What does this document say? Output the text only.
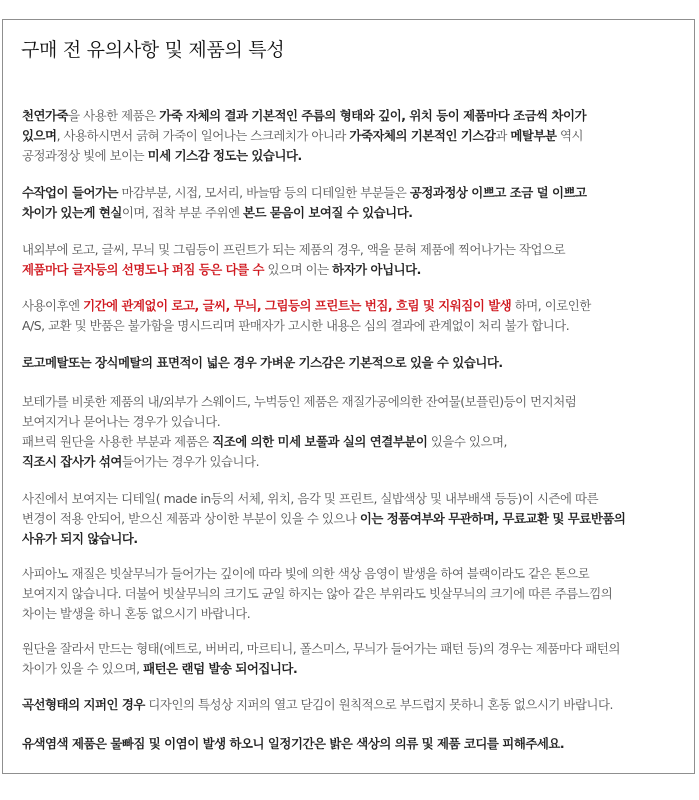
구매 전 유의사항 및 제품의 특성
천연가죽을 사용한 제품은 가죽 자체의 결과 기본적인 주름의 형태와 깊이, 위치 등이 제품마다 조금씩 차이가
있으며, 사용하시면서 긁혀 가죽이 일어나는 스크레치가 아니라 가죽자체의 기본적인 기스감과 메탈부분 역시
공정과정상 빛에 보이는 미세 기스감 정도는 있습니다.
수작업이 들어가는 마감부분, 시접, 모서리, 바늘땀 등의 디테일한 부분들은 공정과정상 이쁘고 조금 덜 이쁘고
차이가 있는게 현실이며, 접착 부분 주위엔 본드 묻음이 보여질 수 있습니다.
내외부에 로고, 글씨, 무늬 및 그림등이 프린트가 되는 제품의 경우, 액을 묻혀 제품에 찍어나가는 작업으로
제품마다 글자등의 선명도나 퍼짐 등은 다를 수 있으며 이는 하자가 아닙니다.
사용이후엔 기간에 관계없이 로고, 글씨, 무늬, 그림등의 프린트는 번짐, 흐림 및 지워짐이 발생 하며, 이로인한
A/S, 교환 및 반품은 불가함을 명시드리며 판매자가 고시한 내용은 심의 결과에 관계없이 처리 불가 합니다.
로고메탈또는 장식메탈의 표면적이 넓은 경우 가벼운 기스감은 기본적으로 있을 수 있습니다.
보테가를 비롯한 제품의 내/외부가 스웨이드, 누벅등인 제품은 재질가공에의한 잔여물(보플린)등이 먼지처럼
보여지거나 묻어나는 경우가 있습니다.
패브릭 원단을 사용한 부분과 제품은 직조에 의한 미세 보풀과 실의 연결부분이 있을수 있으며,
직조시 잡사가 섞여들어가는 경우가 있습니다.
사진에서 보여지는 디테일( made in등의 서체, 위치, 음각 및 프린트, 실밥색상 및 내부배색 등등)이 시즌에 따른
변경이 적용 안되어, 받으신 제품과 상이한 부분이 있을 수 있으나 이는 정품여부와 무관하며, 무료교환 및 무료반품의
사유가 되지 않습니다.
사피아노 재질은 빗살무늬가 들어가는 깊이에 따라 빛에 의한 색상 음영이 발생을 하여 블랙이라도 같은 톤으로
보여지지 않습니다. 더불어 빗살무늬의 크기도 균일 하지는 않아 같은 부위라도 빗살무늬의 크기에 따른 주름느낌의
차이는 발생을 하니 혼동 없으시기 바랍니다.
원단을 잘라서 만드는 형태(에트로, 버버리, 마르티니, 폴스미스, 무늬가 들어가는 패턴 등)의 경우는 제품마다 패턴의
차이가 있을 수 있으며, 패턴은 랜덤 발송 되어집니다.
곡선형태의 지퍼인 경우 디자인의 특성상 지퍼의 열고 닫김이 원칙적으로 부드럽지 못하니 혼동 없으시기 바랍니다.
유색염색 제품은 물빠짐 및 이염이 발생 하오니 일정기간은 밝은 색상의 의류 및 제품 코디를 피해주세요.
